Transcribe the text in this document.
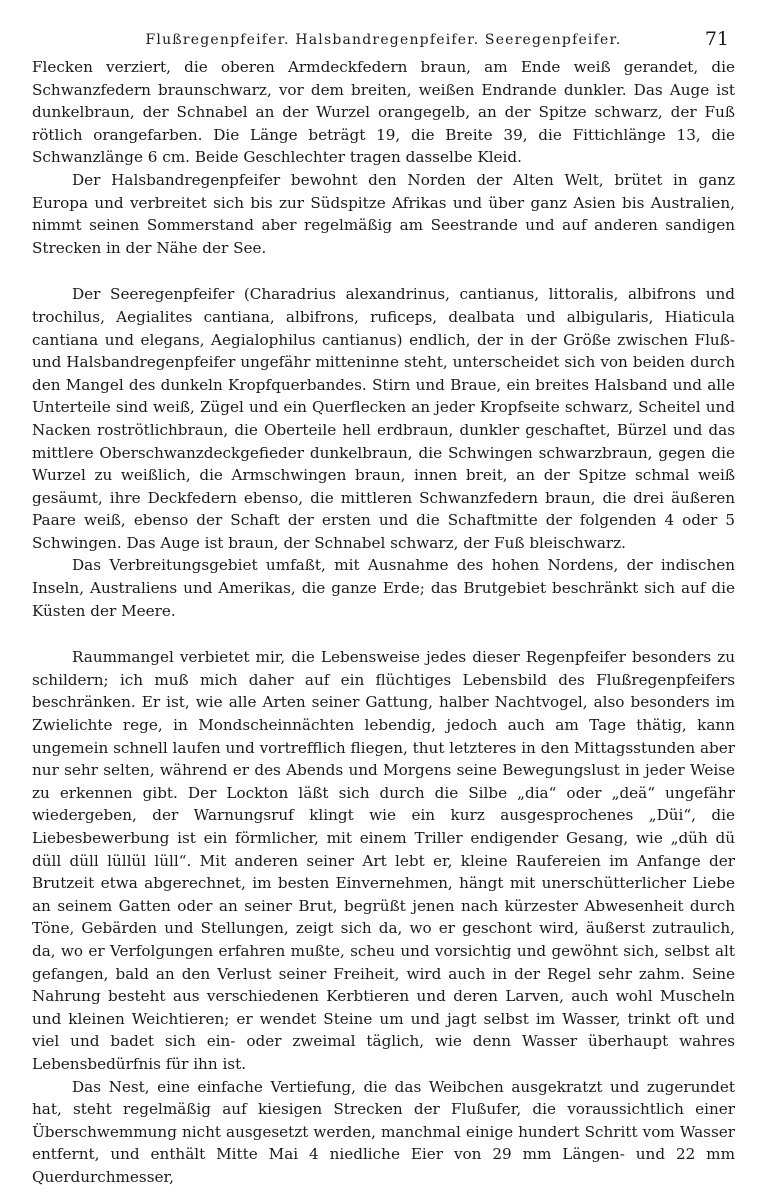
Flußregenpfeifer. Halsbandregenpfeifer. Seeregenpfeifer.	71

Flecken verziert, die oberen Armdeckfedern braun, am Ende weiß gerandet, die Schwanzfedern braunschwarz, vor dem breiten, weißen Endrande dunkler. Das Auge ist dunkelbraun, der Schnabel an der Wurzel orangegelb, an der Spitze schwarz, der Fuß rötlich orangefarben. Die Länge beträgt 19, die Breite 39, die Fittichlänge 13, die Schwanzlänge 6 cm. Beide Geschlechter tragen dasselbe Kleid.

Der Halsbandregenpfeifer bewohnt den Norden der Alten Welt, brütet in ganz Europa und verbreitet sich bis zur Südspitze Afrikas und über ganz Asien bis Australien, nimmt seinen Sommerstand aber regelmäßig am Seestrande und auf anderen sandigen Strecken in der Nähe der See.

Der Seeregenpfeifer (Charadrius alexandrinus, cantianus, littoralis, albifrons und trochilus, Aegialites cantiana, albifrons, ruficeps, dealbata und albigularis, Hiaticula cantiana und elegans, Aegialophilus cantianus) endlich, der in der Größe zwischen Fluß- und Halsbandregenpfeifer ungefähr mitteninne steht, unterscheidet sich von beiden durch den Mangel des dunkeln Kropfquerbandes. Stirn und Braue, ein breites Halsband und alle Unterteile sind weiß, Zügel und ein Querflecken an jeder Kropfseite schwarz, Scheitel und Nacken roströtlichbraun, die Oberteile hell erdbraun, dunkler geschaftet, Bürzel und das mittlere Oberschwanzdeckgefieder dunkelbraun, die Schwingen schwarzbraun, gegen die Wurzel zu weißlich, die Armschwingen braun, innen breit, an der Spitze schmal weiß gesäumt, ihre Deckfedern ebenso, die mittleren Schwanzfedern braun, die drei äußeren Paare weiß, ebenso der Schaft der ersten und die Schaftmitte der folgenden 4 oder 5 Schwingen. Das Auge ist braun, der Schnabel schwarz, der Fuß bleischwarz.

Das Verbreitungsgebiet umfaßt, mit Ausnahme des hohen Nordens, der indischen Inseln, Australiens und Amerikas, die ganze Erde; das Brutgebiet beschränkt sich auf die Küsten der Meere.

Raummangel verbietet mir, die Lebensweise jedes dieser Regenpfeifer besonders zu schildern; ich muß mich daher auf ein flüchtiges Lebensbild des Flußregenpfeifers beschränken. Er ist, wie alle Arten seiner Gattung, halber Nachtvogel, also besonders im Zwielichte rege, in Mondscheinnächten lebendig, jedoch auch am Tage thätig, kann ungemein schnell laufen und vortrefflich fliegen, thut letzteres in den Mittagsstunden aber nur sehr selten, während er des Abends und Morgens seine Bewegungslust in jeder Weise zu erkennen gibt. Der Lockton läßt sich durch die Silbe „dia“ oder „deä“ ungefähr wiedergeben, der Warnungsruf klingt wie ein kurz ausgesprochenes „Düi“, die Liebesbewerbung ist ein förmlicher, mit einem Triller endigender Gesang, wie „düh dü düll düll lüllül lüll“. Mit anderen seiner Art lebt er, kleine Raufereien im Anfange der Brutzeit etwa abgerechnet, im besten Einvernehmen, hängt mit unerschütterlicher Liebe an seinem Gatten oder an seiner Brut, begrüßt jenen nach kürzester Abwesenheit durch Töne, Gebärden und Stellungen, zeigt sich da, wo er geschont wird, äußerst zutraulich, da, wo er Verfolgungen erfahren mußte, scheu und vorsichtig und gewöhnt sich, selbst alt gefangen, bald an den Verlust seiner Freiheit, wird auch in der Regel sehr zahm. Seine Nahrung besteht aus verschiedenen Kerbtieren und deren Larven, auch wohl Muscheln und kleinen Weichtieren; er wendet Steine um und jagt selbst im Wasser, trinkt oft und viel und badet sich ein- oder zweimal täglich, wie denn Wasser überhaupt wahres Lebensbedürfnis für ihn ist.

Das Nest, eine einfache Vertiefung, die das Weibchen ausgekratzt und zugerundet hat, steht regelmäßig auf kiesigen Strecken der Flußufer, die voraussichtlich einer Überschwemmung nicht ausgesetzt werden, manchmal einige hundert Schritt vom Wasser entfernt, und enthält Mitte Mai 4 niedliche Eier von 29 mm Längen- und 22 mm Querdurchmesser,
